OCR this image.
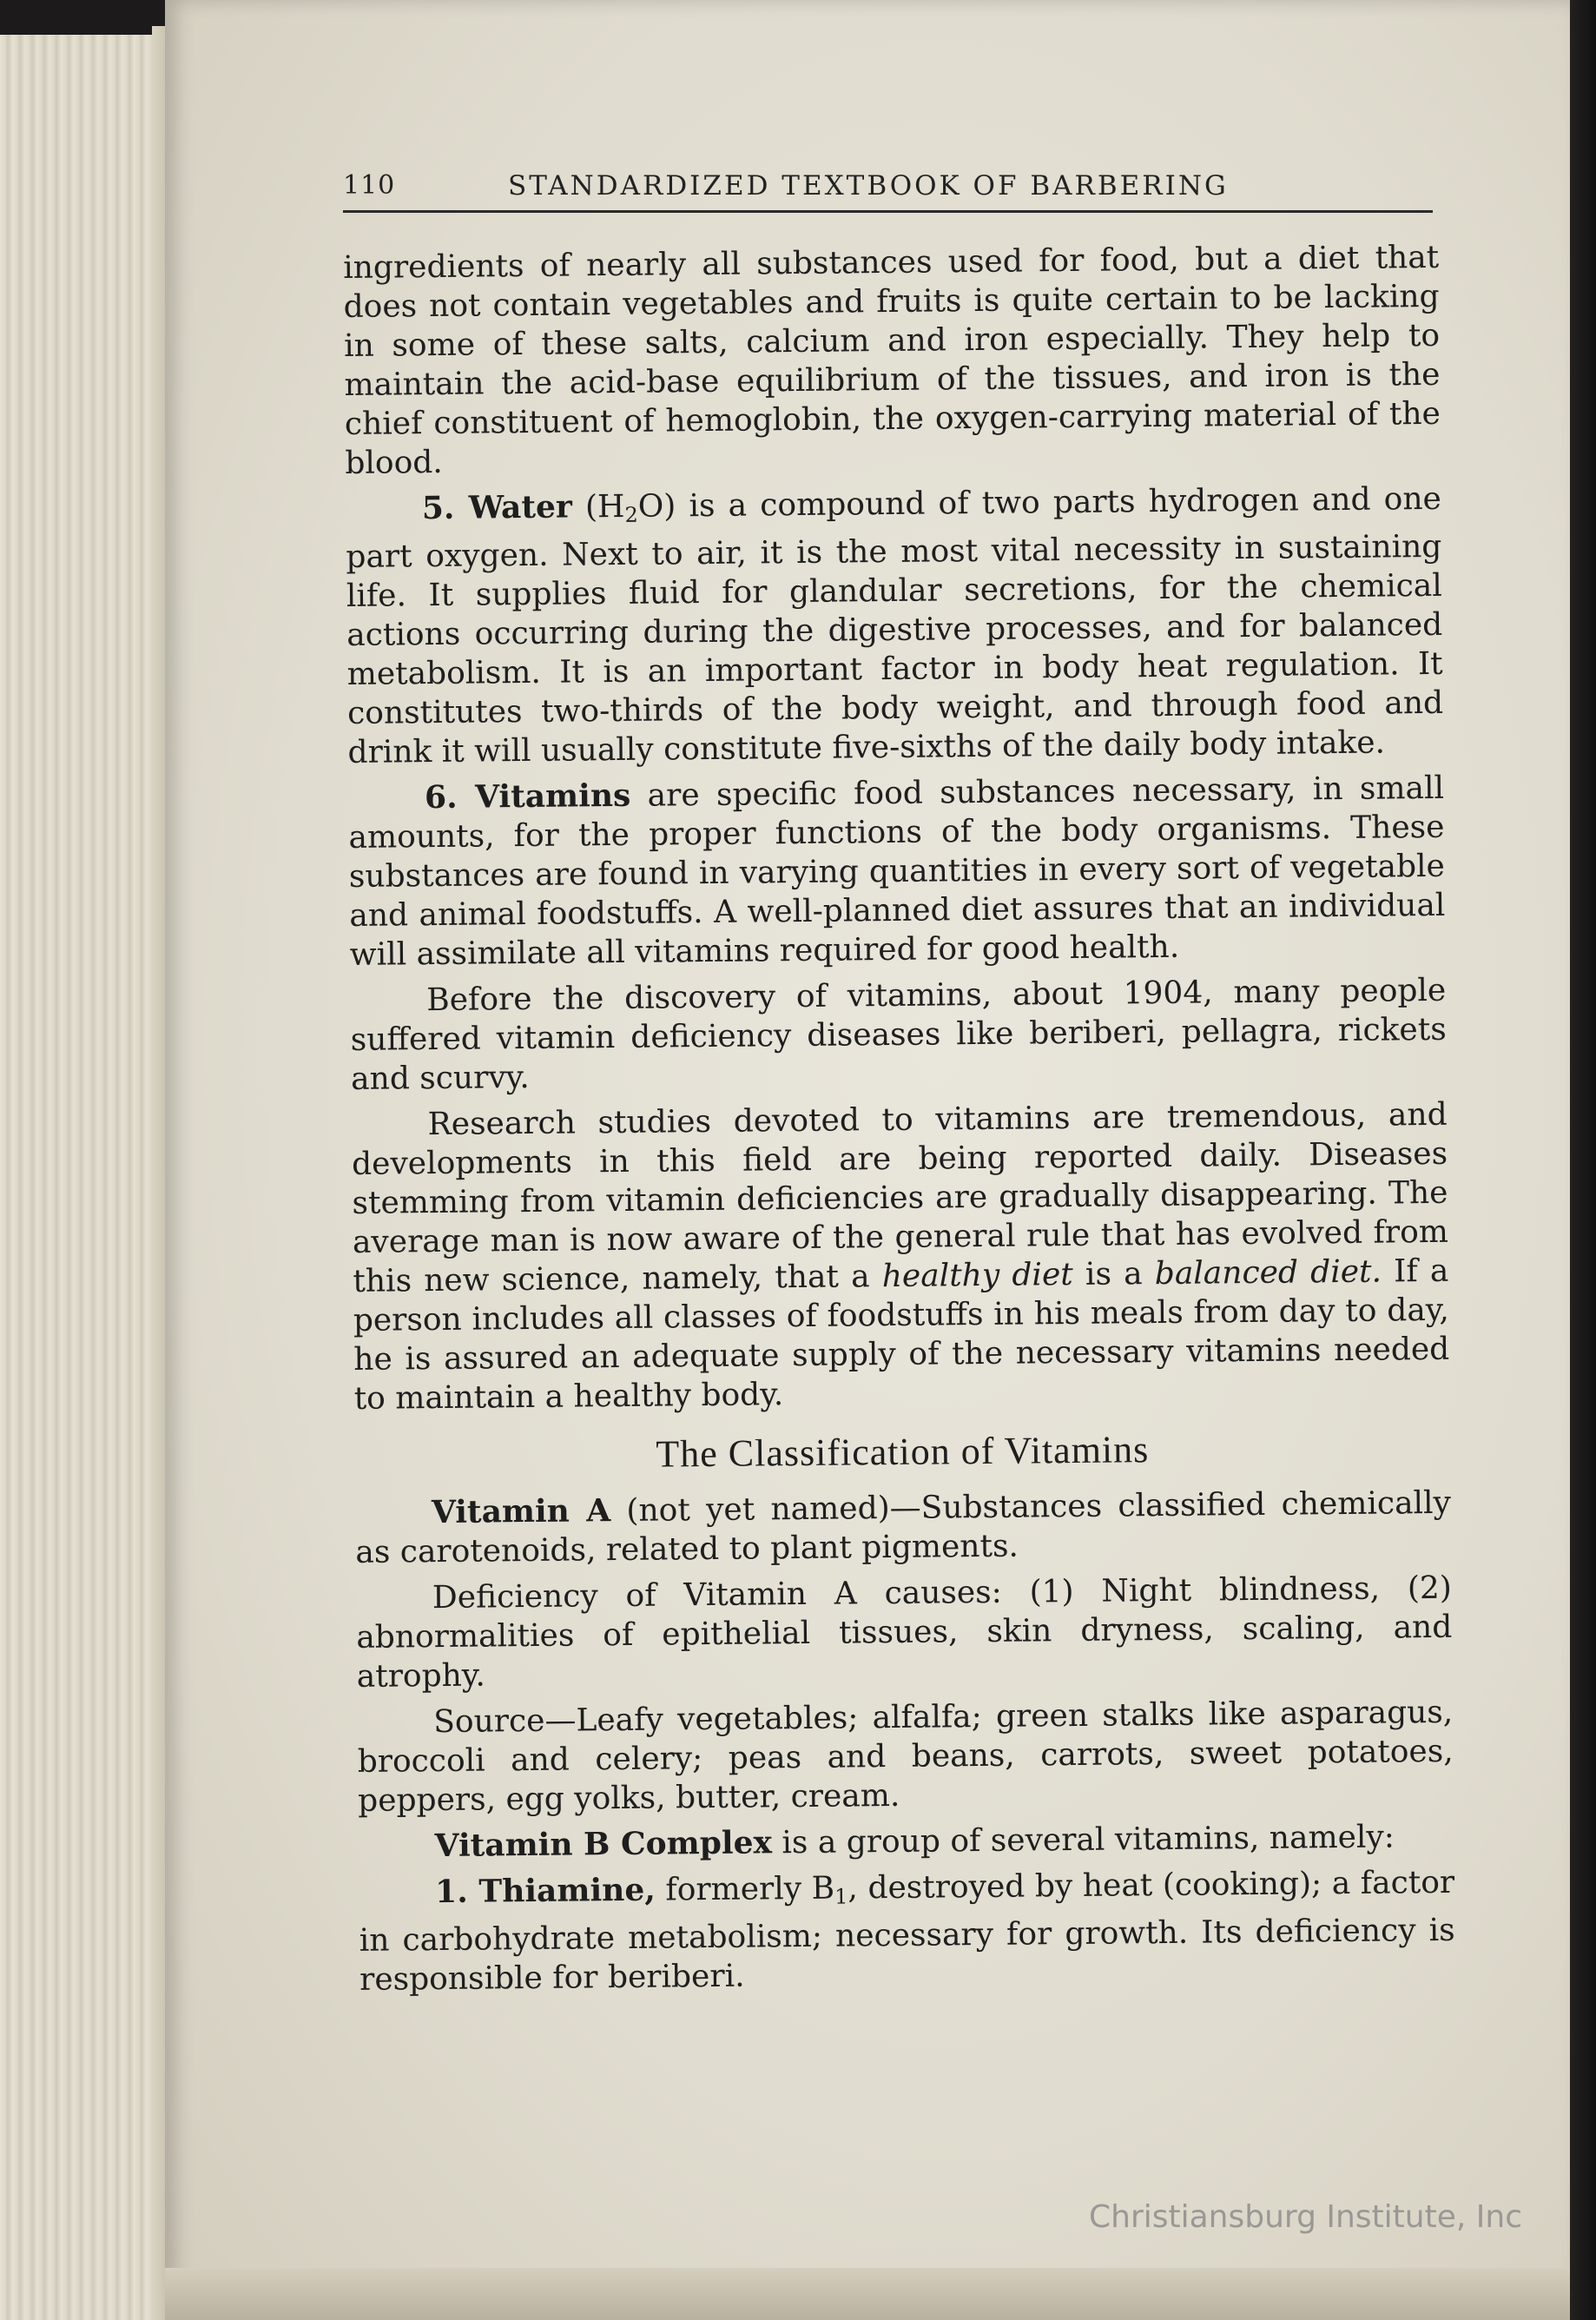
110	STANDARDIZED TEXTBOOK OF BARBERING

ingredients of nearly all substances used for food, but a diet that does not contain vegetables and fruits is quite certain to be lacking in some of these salts, calcium and iron especially. They help to maintain the acid-base equilibrium of the tissues, and iron is the chief constituent of hemoglobin, the oxygen-carrying material of the blood.

5. Water $(H_2O)$ is a compound of two parts hydrogen and one part oxygen. Next to air, it is the most vital necessity in sustaining life. It supplies fluid for glandular secretions, for the chemical actions occurring during the digestive processes, and for balanced metabolism. It is an important factor in body heat regulation. It constitutes two-thirds of the body weight, and through food and drink it will usually constitute five-sixths of the daily body intake.

6. Vitamins are specific food substances necessary, in small amounts, for the proper functions of the body organisms. These substances are found in varying quantities in every sort of vegetable and animal foodstuffs. A well-planned diet assures that an individual will assimilate all vitamins required for good health.

Before the discovery of vitamins, about 1904, many people suffered vitamin deficiency diseases like beriberi, pellagra, rickets and scurvy.

Research studies devoted to vitamins are tremendous, and developments in this field are being reported daily. Diseases stemming from vitamin deficiencies are gradually disappearing. The average man is now aware of the general rule that has evolved from this new science, namely, that a healthy diet is a balanced diet. If a person includes all classes of foodstuffs in his meals from day to day, he is assured an adequate supply of the necessary vitamins needed to maintain a healthy body.

The Classification of Vitamins

Vitamin A (not yet named)—Substances classified chemically as carotenoids, related to plant pigments.

Deficiency of Vitamin A causes: (1) Night blindness, (2) abnormalities of epithelial tissues, skin dryness, scaling, and atrophy.

Source—Leafy vegetables; alfalfa; green stalks like asparagus, broccoli and celery; peas and beans, carrots, sweet potatoes, peppers, egg yolks, butter, cream.

Vitamin B Complex is a group of several vitamins, namely:

1. Thiamine, formerly $B_1$, destroyed by heat (cooking); a factor in carbohydrate metabolism; necessary for growth. Its deficiency is responsible for beriberi.

Christiansburg Institute, Inc
